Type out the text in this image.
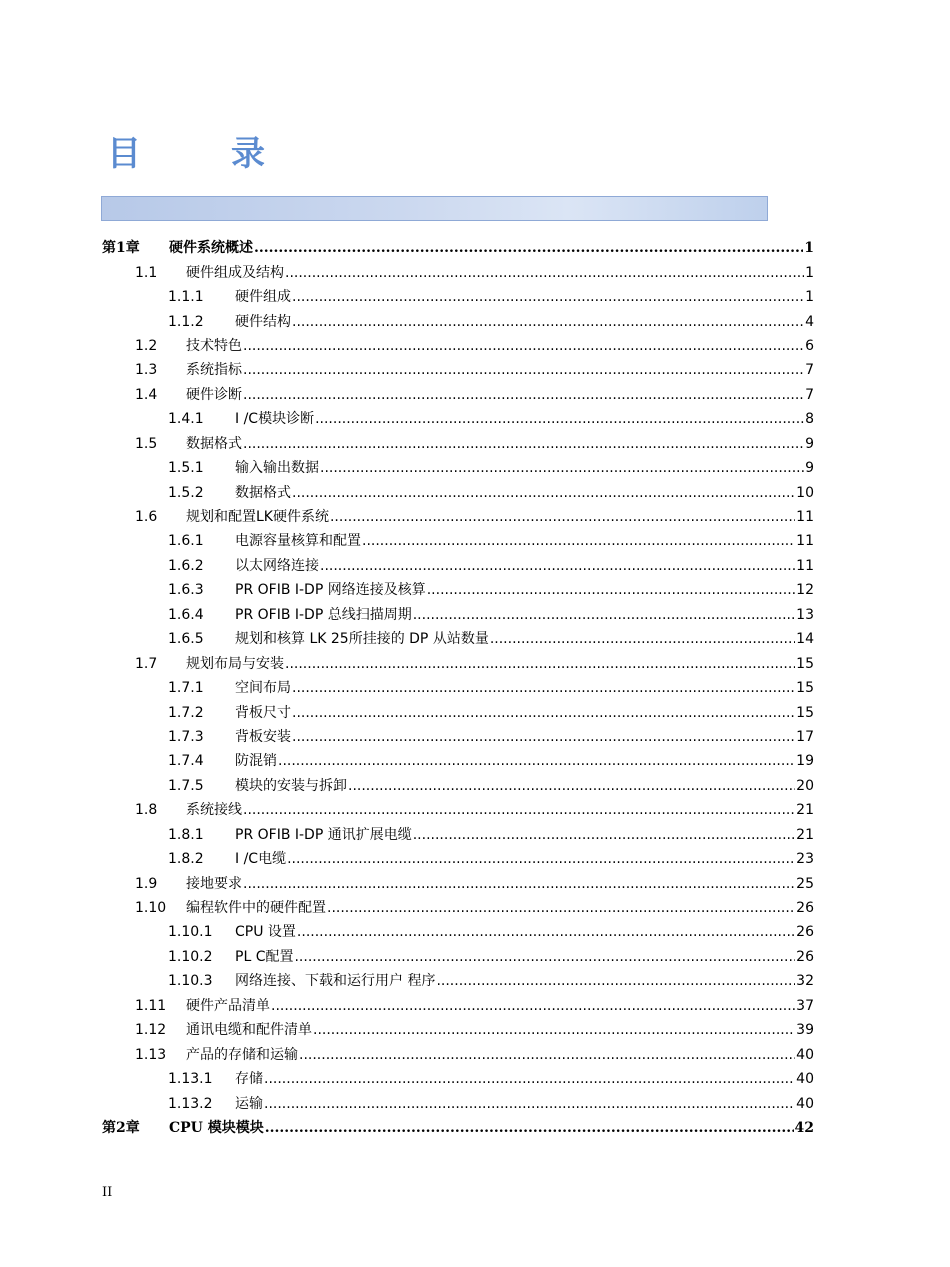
目　录
第1章 硬件系统概述 .....	1
1.1 硬件组成及结构 .....	1
1.1.1 硬件组成 .....	1
1.1.2 硬件结构 .....	4
1.2 技术特色 .....	6
1.3 系统指标 .....	7
1.4 硬件诊断 .....	7
1.4.1 I /C模块诊断 .....	8
1.5 数据格式 .....	9
1.5.1 输入输出数据 .....	9
1.5.2 数据格式 .....	10
1.6 规划和配置LK硬件系统 .....	11
1.6.1 电源容量核算和配置 .....	11
1.6.2 以太网络连接 .....	11
1.6.3 PR OFIB I-DP 网络连接及核算 .....	12
1.6.4 PR OFIB I-DP 总线扫描周期 .....	13
1.6.5 规划和核算 LK 25所挂接的 DP 从站数量 .....	14
1.7 规划布局与安装 .....	15
1.7.1 空间布局 .....	15
1.7.2 背板尺寸 .....	15
1.7.3 背板安装 .....	17
1.7.4 防混销 .....	19
1.7.5 模块的安装与拆卸 .....	20
1.8 系统接线 .....	21
1.8.1 PR OFIB I-DP 通讯扩展电缆 .....	21
1.8.2 I /C电缆 .....	23
1.9 接地要求 .....	25
1.10 编程软件中的硬件配置 .....	26
1.10.1 CPU 设置 .....	26
1.10.2 PL C配置 .....	26
1.10.3 网络连接、下载和运行用户 程序 .....	32
1.11 硬件产品清单 .....	37
1.12 通讯电缆和配件清单 .....	39
1.13 产品的存储和运输 .....	40
1.13.1 存储 .....	40
1.13.2 运输 .....	40
第2章 CPU 模块模块 .....	42
II
